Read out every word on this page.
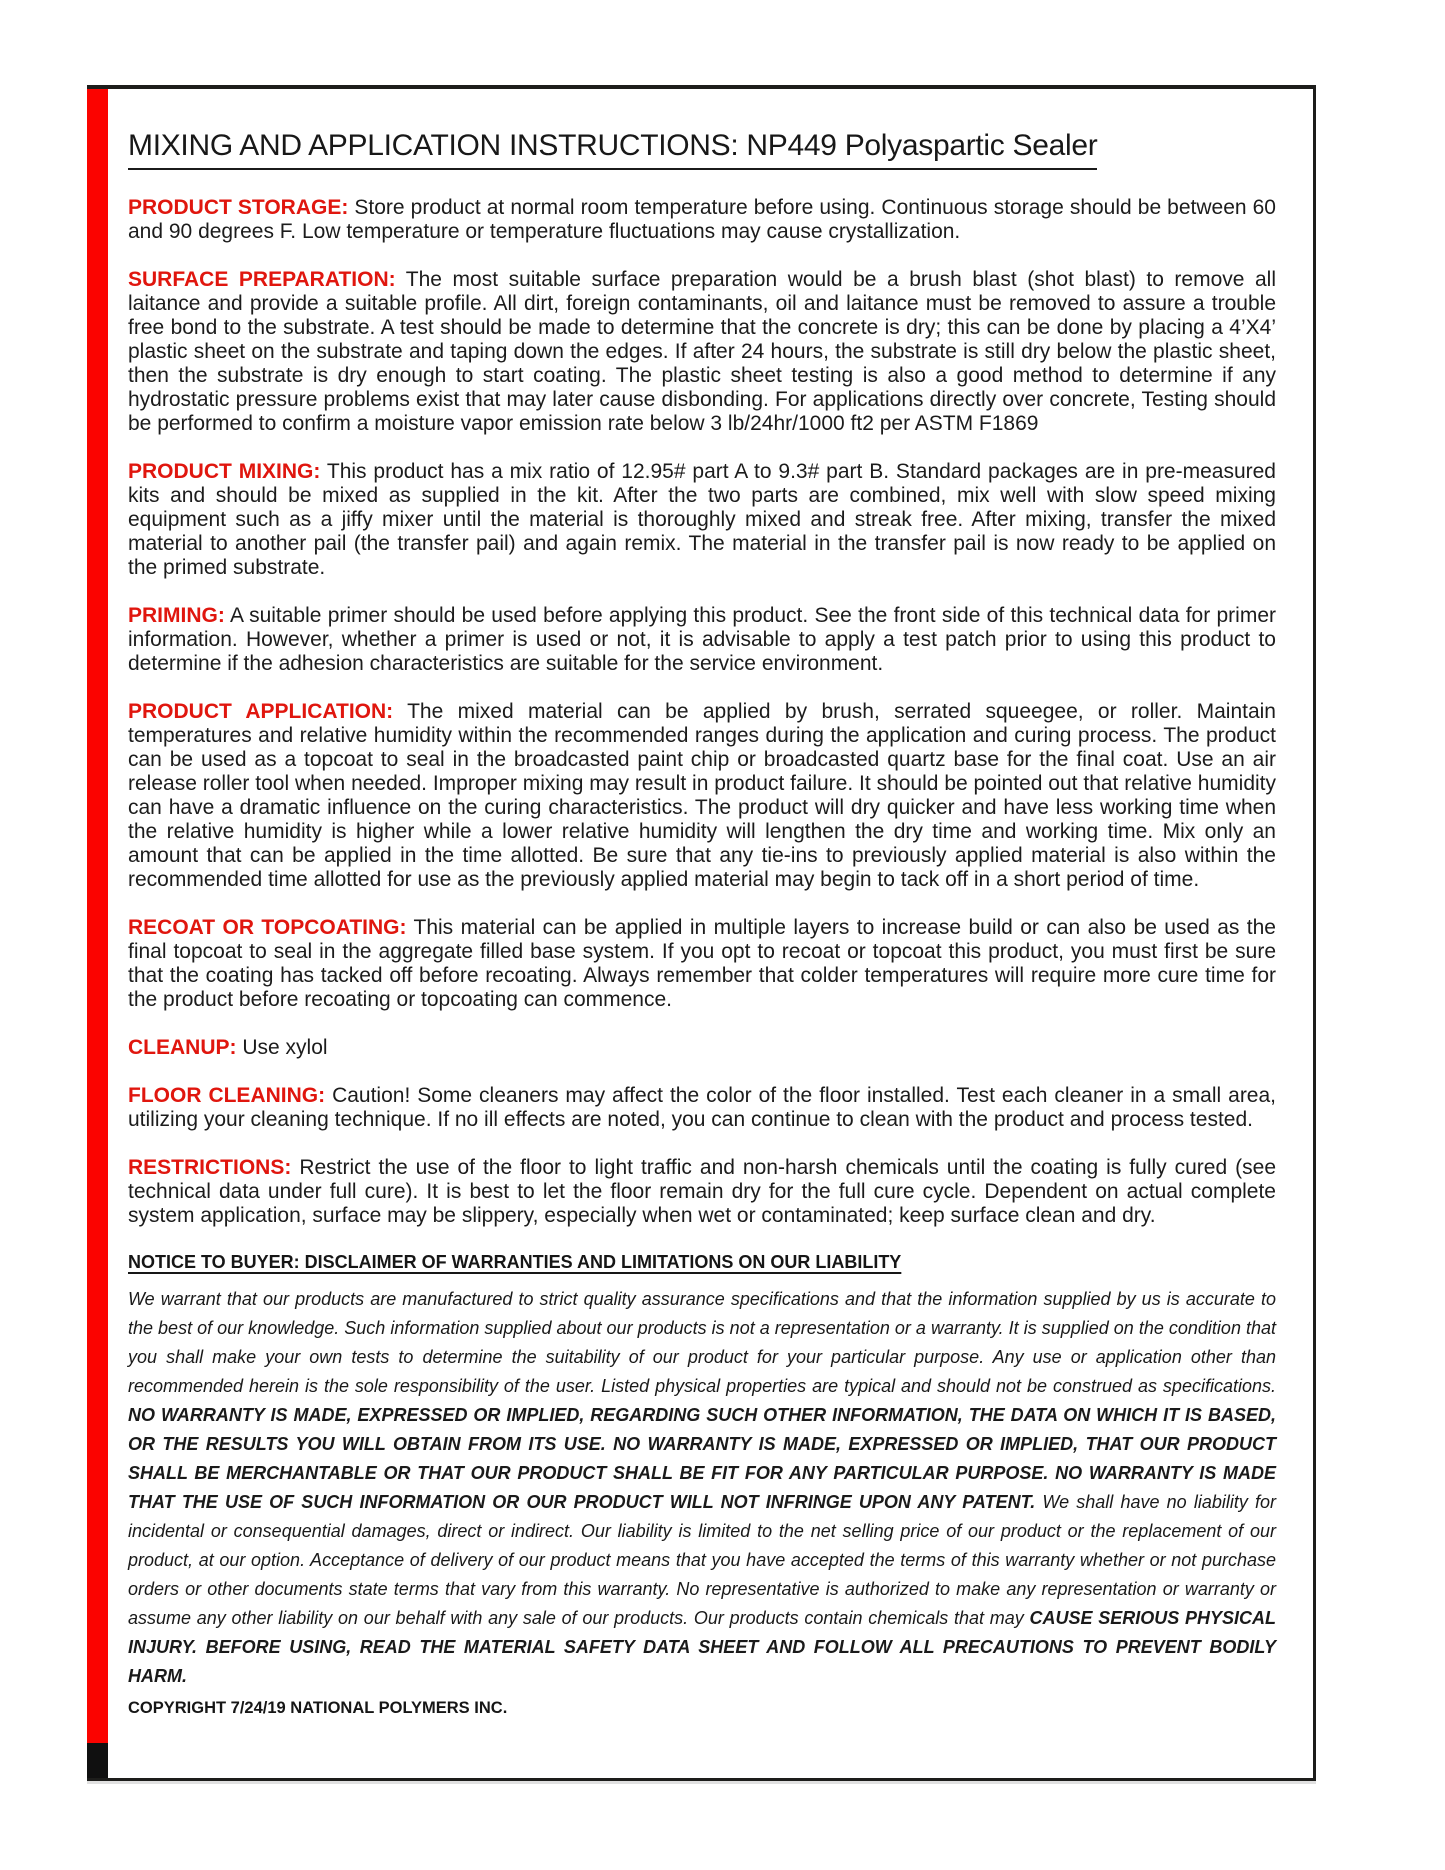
MIXING AND APPLICATION INSTRUCTIONS: NP449 Polyaspartic Sealer

PRODUCT STORAGE: Store product at normal room temperature before using. Continuous storage should be between 60 and 90 degrees F. Low temperature or temperature fluctuations may cause crystallization.

SURFACE PREPARATION: The most suitable surface preparation would be a brush blast (shot blast) to remove all laitance and provide a suitable profile. All dirt, foreign contaminants, oil and laitance must be removed to assure a trouble free bond to the substrate. A test should be made to determine that the concrete is dry; this can be done by placing a 4’X4’ plastic sheet on the substrate and taping down the edges. If after 24 hours, the substrate is still dry below the plastic sheet, then the substrate is dry enough to start coating. The plastic sheet testing is also a good method to determine if any hydrostatic pressure problems exist that may later cause disbonding. For applications directly over concrete, Testing should be performed to confirm a moisture vapor emission rate below 3 lb/24hr/1000 ft2 per ASTM F1869

PRODUCT MIXING: This product has a mix ratio of 12.95# part A to 9.3# part B. Standard packages are in pre-measured kits and should be mixed as supplied in the kit. After the two parts are combined, mix well with slow speed mixing equipment such as a jiffy mixer until the material is thoroughly mixed and streak free. After mixing, transfer the mixed material to another pail (the transfer pail) and again remix. The material in the transfer pail is now ready to be applied on the primed substrate.

PRIMING: A suitable primer should be used before applying this product. See the front side of this technical data for primer information. However, whether a primer is used or not, it is advisable to apply a test patch prior to using this product to determine if the adhesion characteristics are suitable for the service environment.

PRODUCT APPLICATION: The mixed material can be applied by brush, serrated squeegee, or roller. Maintain temperatures and relative humidity within the recommended ranges during the application and curing process. The product can be used as a topcoat to seal in the broadcasted paint chip or broadcasted quartz base for the final coat. Use an air release roller tool when needed. Improper mixing may result in product failure. It should be pointed out that relative humidity can have a dramatic influence on the curing characteristics. The product will dry quicker and have less working time when the relative humidity is higher while a lower relative humidity will lengthen the dry time and working time. Mix only an amount that can be applied in the time allotted. Be sure that any tie-ins to previously applied material is also within the recommended time allotted for use as the previously applied material may begin to tack off in a short period of time.

RECOAT OR TOPCOATING: This material can be applied in multiple layers to increase build or can also be used as the final topcoat to seal in the aggregate filled base system. If you opt to recoat or topcoat this product, you must first be sure that the coating has tacked off before recoating. Always remember that colder temperatures will require more cure time for the product before recoating or topcoating can commence.

CLEANUP: Use xylol

FLOOR CLEANING: Caution! Some cleaners may affect the color of the floor installed. Test each cleaner in a small area, utilizing your cleaning technique. If no ill effects are noted, you can continue to clean with the product and process tested.

RESTRICTIONS: Restrict the use of the floor to light traffic and non-harsh chemicals until the coating is fully cured (see technical data under full cure). It is best to let the floor remain dry for the full cure cycle. Dependent on actual complete system application, surface may be slippery, especially when wet or contaminated; keep surface clean and dry.

NOTICE TO BUYER: DISCLAIMER OF WARRANTIES AND LIMITATIONS ON OUR LIABILITY

We warrant that our products are manufactured to strict quality assurance specifications and that the information supplied by us is accurate to the best of our knowledge. Such information supplied about our products is not a representation or a warranty. It is supplied on the condition that you shall make your own tests to determine the suitability of our product for your particular purpose. Any use or application other than recommended herein is the sole responsibility of the user. Listed physical properties are typical and should not be construed as specifications. NO WARRANTY IS MADE, EXPRESSED OR IMPLIED, REGARDING SUCH OTHER INFORMATION, THE DATA ON WHICH IT IS BASED, OR THE RESULTS YOU WILL OBTAIN FROM ITS USE. NO WARRANTY IS MADE, EXPRESSED OR IMPLIED, THAT OUR PRODUCT SHALL BE MERCHANTABLE OR THAT OUR PRODUCT SHALL BE FIT FOR ANY PARTICULAR PURPOSE. NO WARRANTY IS MADE THAT THE USE OF SUCH INFORMATION OR OUR PRODUCT WILL NOT INFRINGE UPON ANY PATENT. We shall have no liability for incidental or consequential damages, direct or indirect. Our liability is limited to the net selling price of our product or the replacement of our product, at our option. Acceptance of delivery of our product means that you have accepted the terms of this warranty whether or not purchase orders or other documents state terms that vary from this warranty. No representative is authorized to make any representation or warranty or assume any other liability on our behalf with any sale of our products. Our products contain chemicals that may CAUSE SERIOUS PHYSICAL INJURY. BEFORE USING, READ THE MATERIAL SAFETY DATA SHEET AND FOLLOW ALL PRECAUTIONS TO PREVENT BODILY HARM.

COPYRIGHT 7/24/19 NATIONAL POLYMERS INC.
